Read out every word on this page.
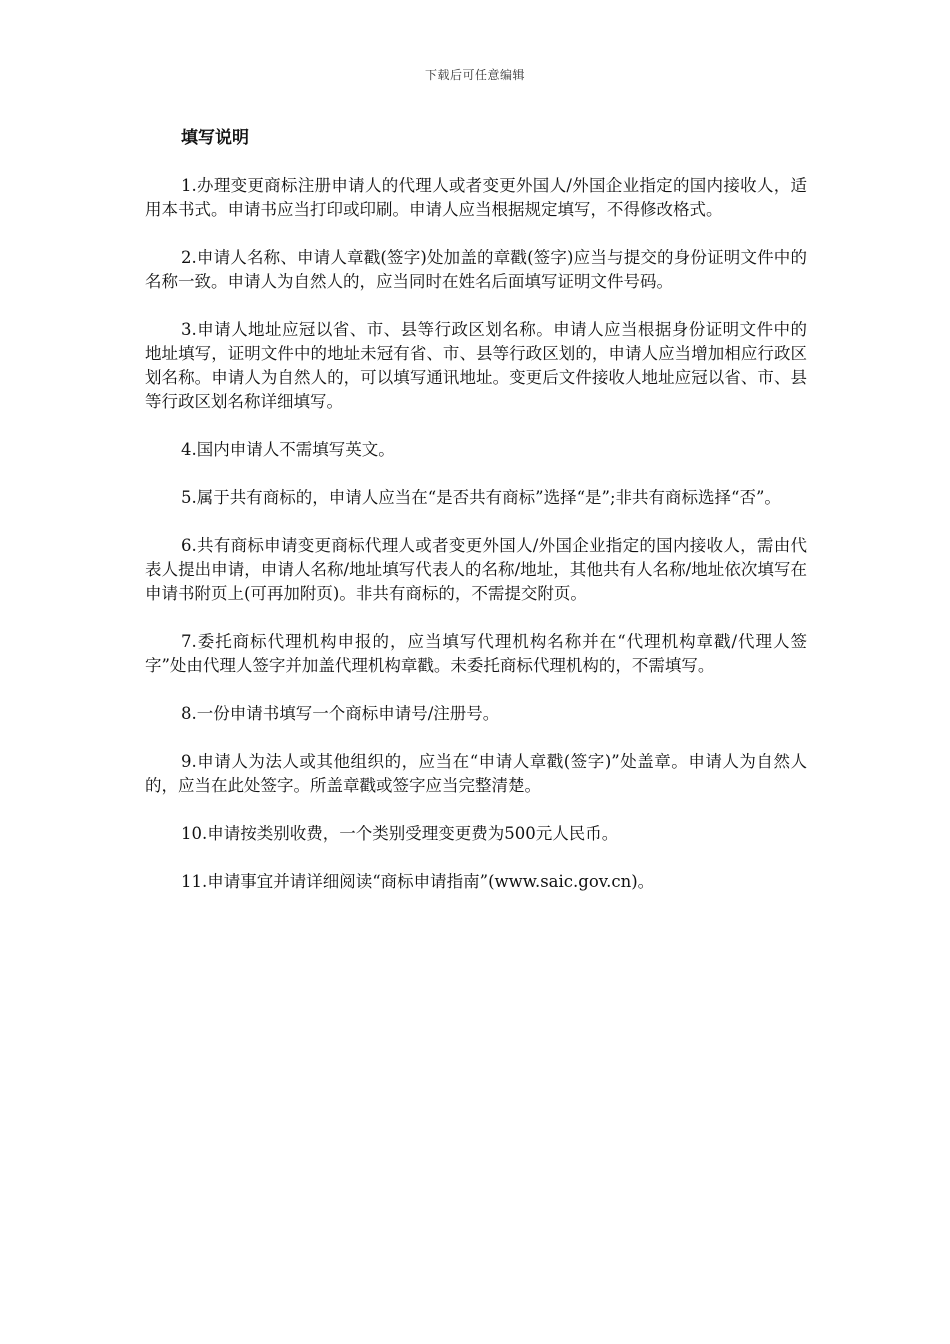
下载后可任意编辑
填写说明

1.办理变更商标注册申请人的代理人或者变更外国人/外国企业指定的国内接收人，适用本书式。申请书应当打印或印刷。申请人应当根据规定填写，不得修改格式。

2.申请人名称、申请人章戳(签字)处加盖的章戳(签字)应当与提交的身份证明文件中的名称一致。申请人为自然人的，应当同时在姓名后面填写证明文件号码。

3.申请人地址应冠以省、市、县等行政区划名称。申请人应当根据身份证明文件中的地址填写，证明文件中的地址未冠有省、市、县等行政区划的，申请人应当增加相应行政区划名称。申请人为自然人的，可以填写通讯地址。变更后文件接收人地址应冠以省、市、县等行政区划名称详细填写。

4.国内申请人不需填写英文。

5.属于共有商标的，申请人应当在“是否共有商标”选择“是”;非共有商标选择“否”。

6.共有商标申请变更商标代理人或者变更外国人/外国企业指定的国内接收人，需由代表人提出申请，申请人名称/地址填写代表人的名称/地址，其他共有人名称/地址依次填写在申请书附页上(可再加附页)。非共有商标的，不需提交附页。

7.委托商标代理机构申报的，应当填写代理机构名称并在“代理机构章戳/代理人签字”处由代理人签字并加盖代理机构章戳。未委托商标代理机构的，不需填写。

8.一份申请书填写一个商标申请号/注册号。

9.申请人为法人或其他组织的，应当在“申请人章戳(签字)”处盖章。申请人为自然人的，应当在此处签字。所盖章戳或签字应当完整清楚。

10.申请按类别收费，一个类别受理变更费为500元人民币。

11.申请事宜并请详细阅读“商标申请指南”(www.saic.gov.cn)。
